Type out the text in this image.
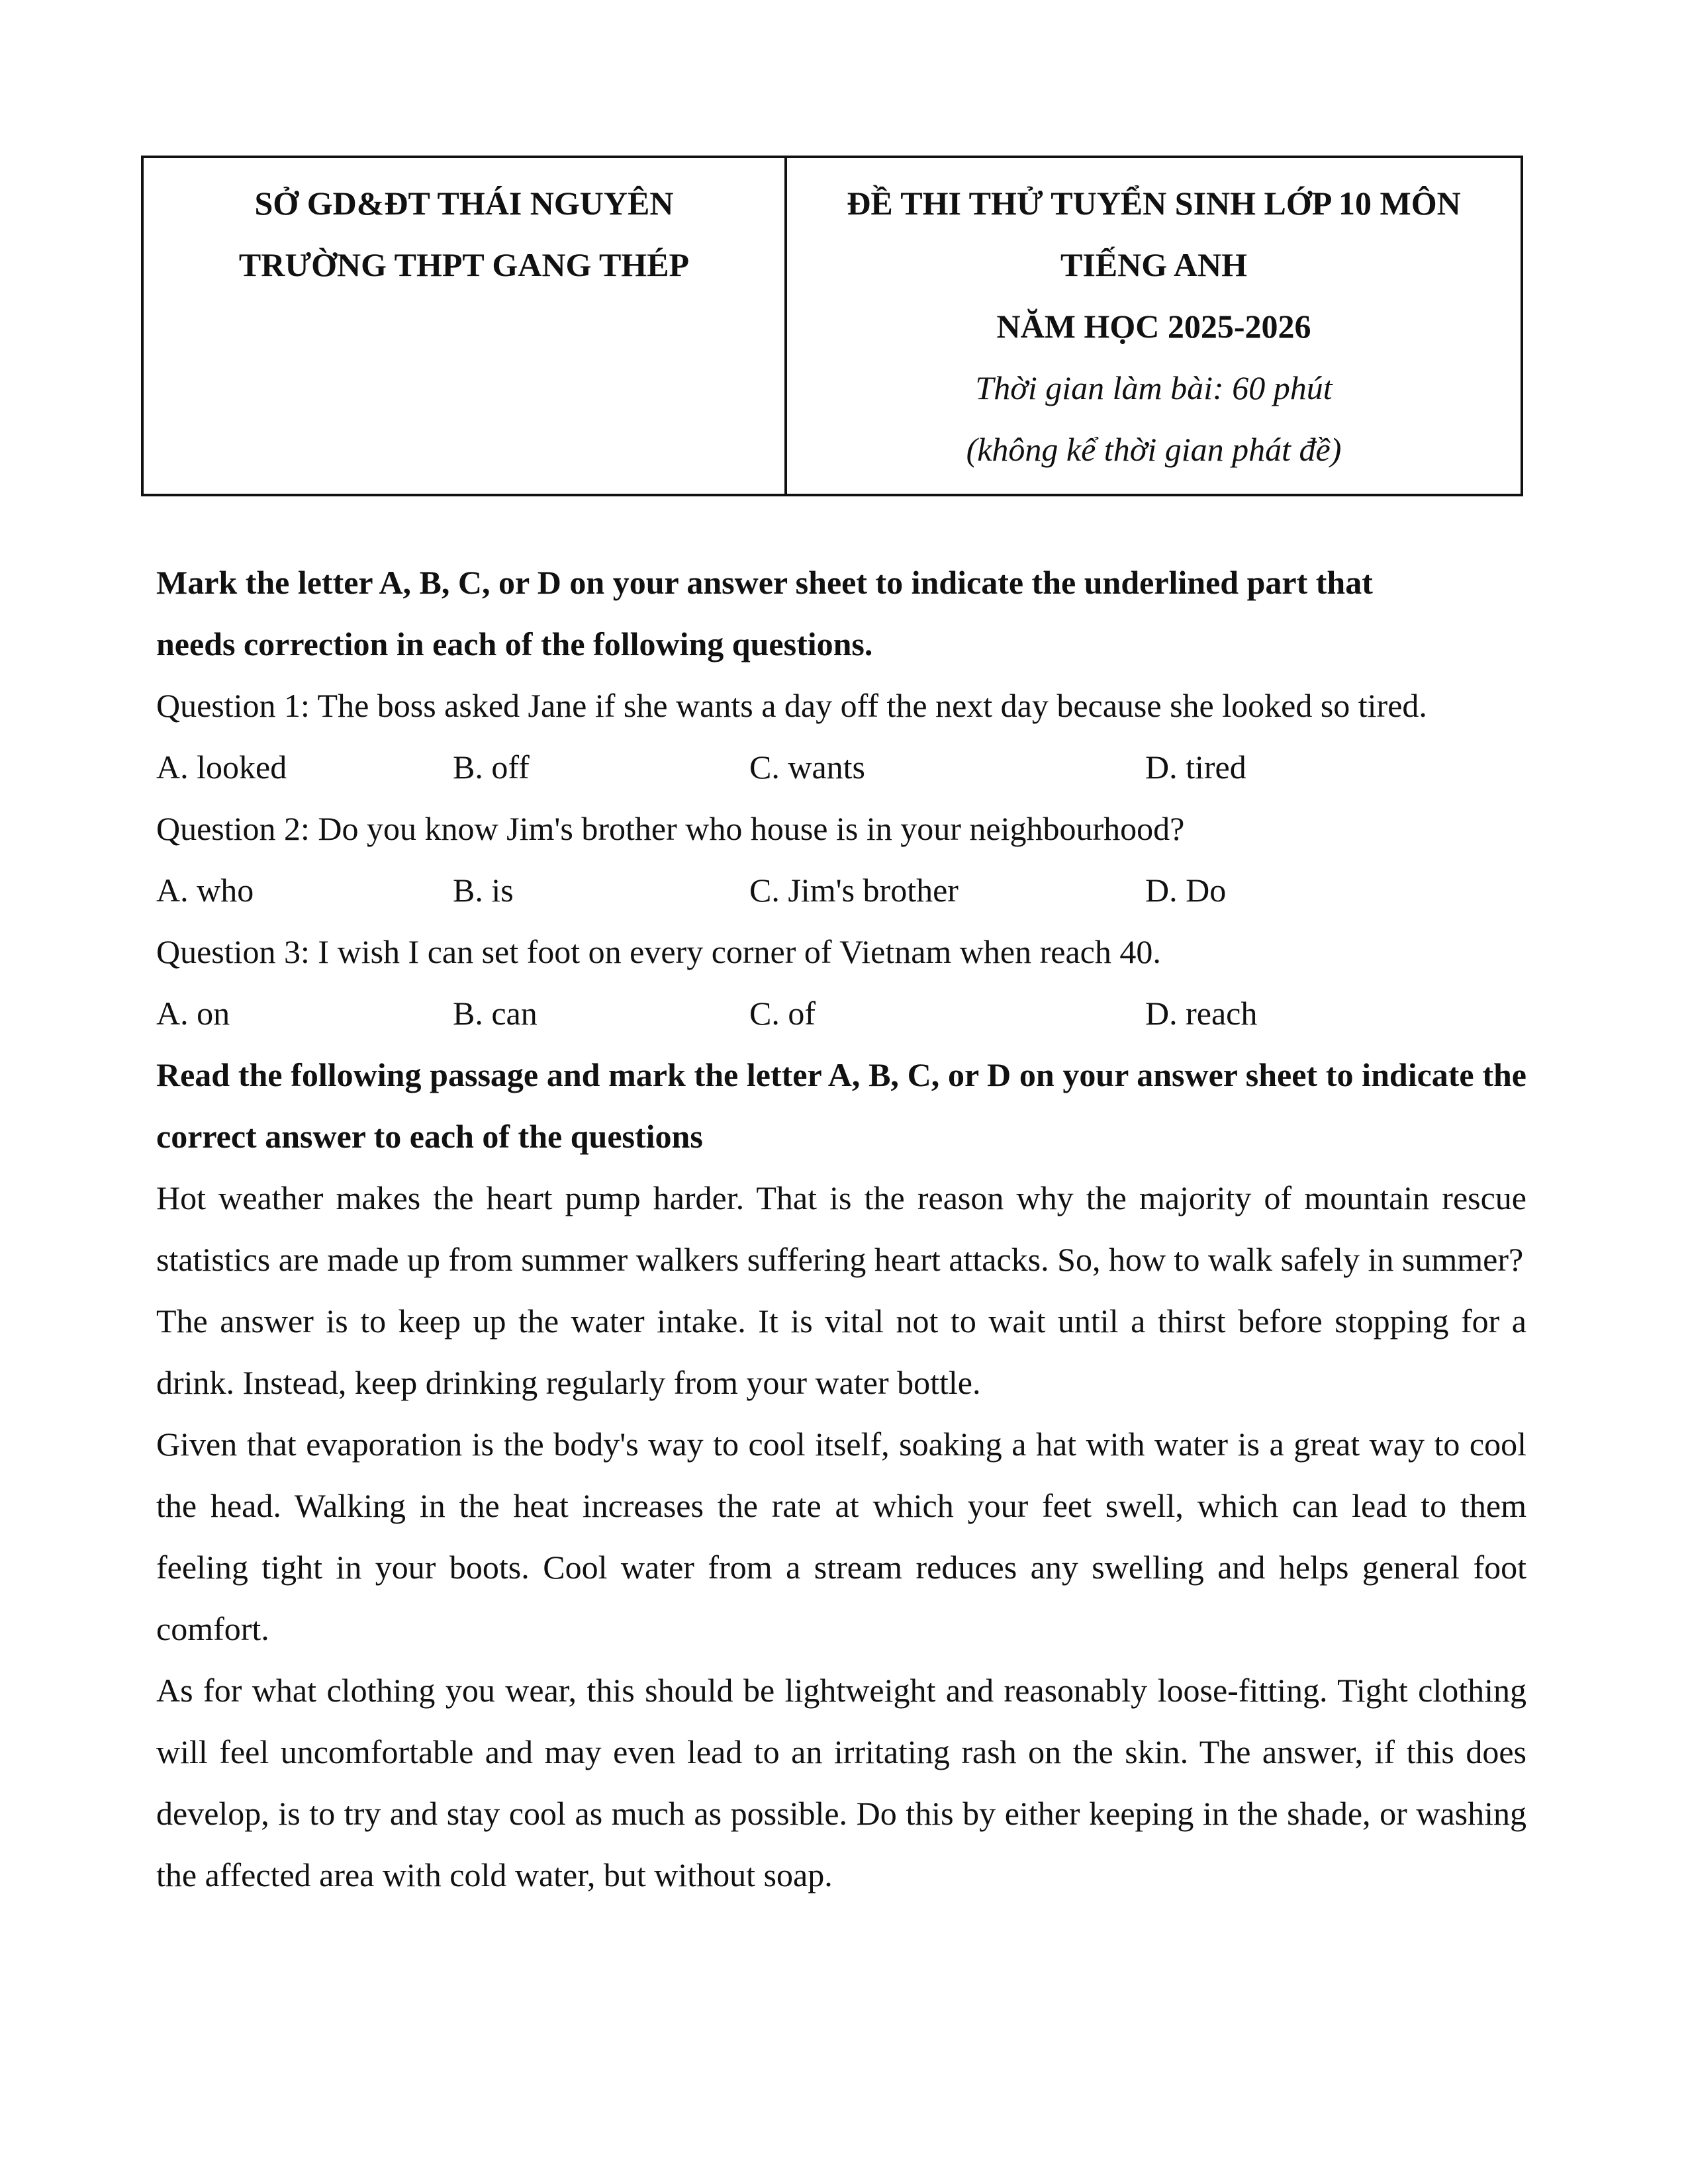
SỞ GD&ĐT THÁI NGUYÊN
TRƯỜNG THPT GANG THÉP
ĐỀ THI THỬ TUYỂN SINH LỚP 10 MÔN
TIẾNG ANH
NĂM HỌC 2025-2026
Thời gian làm bài: 60 phút
(không kể thời gian phát đề)

Mark the letter A, B, C, or D on your answer sheet to indicate the underlined part that

needs correction in each of the following questions.

Question 1: The boss asked Jane if she wants a day off the next day because she looked so tired.

A. looked	B. off	C. wants	D. tired

Question 2: Do you know Jim's brother who house is in your neighbourhood?

A. who	B. is	C. Jim's brother	D. Do

Question 3: I wish I can set foot on every corner of Vietnam when reach 40.

A. on	B. can	C. of	D. reach

Read the following passage and mark the letter A, B, C, or D on your answer sheet to indicate the correct answer to each of the questions

Hot weather makes the heart pump harder. That is the reason why the majority of mountain rescue statistics are made up from summer walkers suffering heart attacks. So, how to walk safely in summer?

The answer is to keep up the water intake. It is vital not to wait until a thirst before stopping for a drink. Instead, keep drinking regularly from your water bottle.

Given that evaporation is the body's way to cool itself, soaking a hat with water is a great way to cool the head. Walking in the heat increases the rate at which your feet swell, which can lead to them feeling tight in your boots. Cool water from a stream reduces any swelling and helps general foot comfort.

As for what clothing you wear, this should be lightweight and reasonably loose-fitting. Tight clothing will feel uncomfortable and may even lead to an irritating rash on the skin. The answer, if this does develop, is to try and stay cool as much as possible. Do this by either keeping in the shade, or washing the affected area with cold water, but without soap.
